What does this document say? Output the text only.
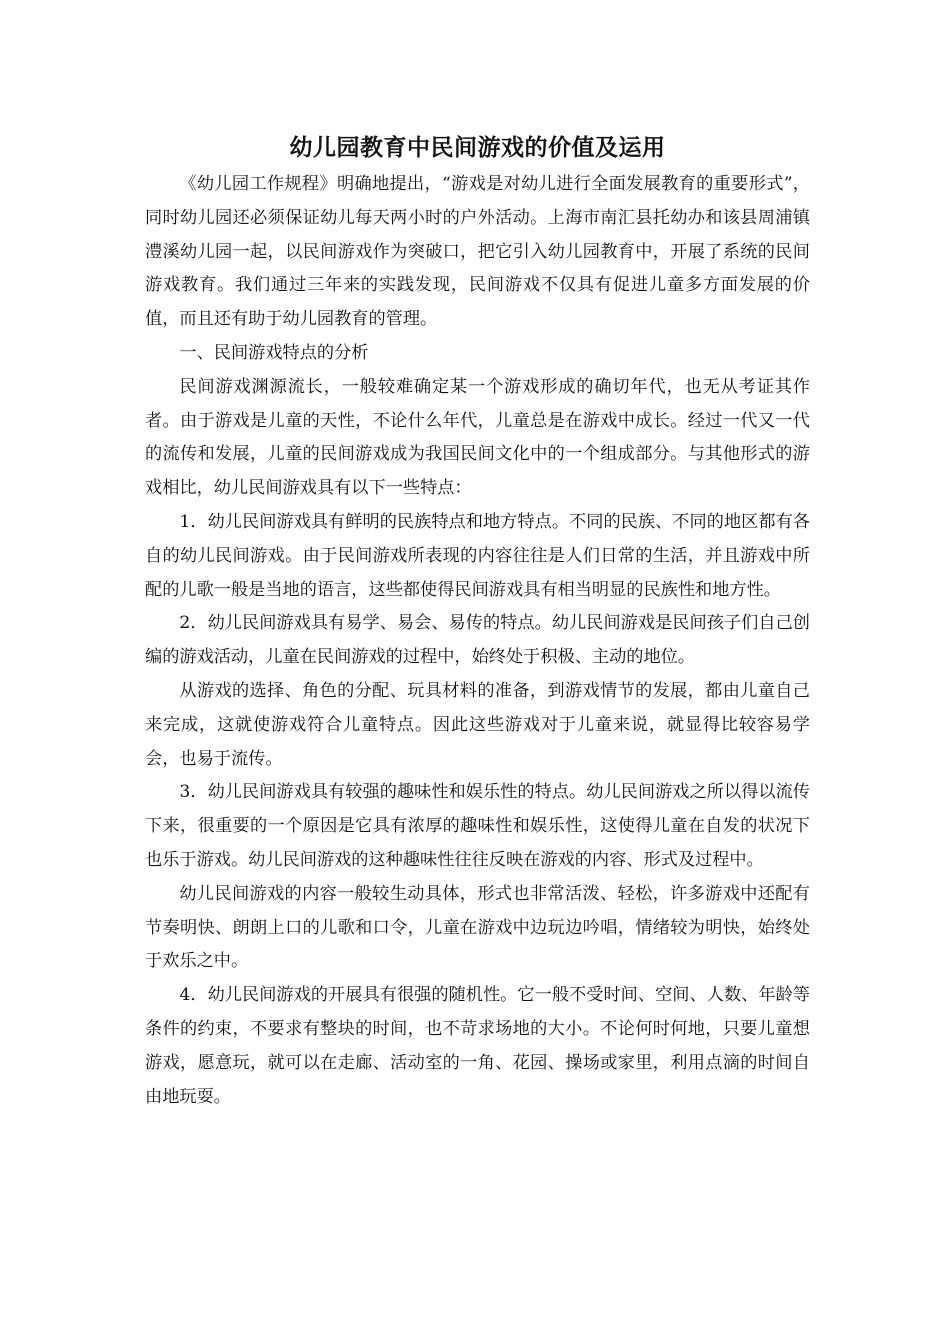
幼儿园教育中民间游戏的价值及运用

《幼儿园工作规程》明确地提出，“游戏是对幼儿进行全面发展教育的重要形式”，同时幼儿园还必须保证幼儿每天两小时的户外活动。上海市南汇县托幼办和该县周浦镇澧溪幼儿园一起，以民间游戏作为突破口，把它引入幼儿园教育中，开展了系统的民间游戏教育。我们通过三年来的实践发现，民间游戏不仅具有促进儿童多方面发展的价值，而且还有助于幼儿园教育的管理。

一、民间游戏特点的分析

民间游戏渊源流长，一般较难确定某一个游戏形成的确切年代，也无从考证其作者。由于游戏是儿童的天性，不论什么年代，儿童总是在游戏中成长。经过一代又一代的流传和发展，儿童的民间游戏成为我国民间文化中的一个组成部分。与其他形式的游戏相比，幼儿民间游戏具有以下一些特点：

1．幼儿民间游戏具有鲜明的民族特点和地方特点。不同的民族、不同的地区都有各自的幼儿民间游戏。由于民间游戏所表现的内容往往是人们日常的生活，并且游戏中所配的儿歌一般是当地的语言，这些都使得民间游戏具有相当明显的民族性和地方性。

2．幼儿民间游戏具有易学、易会、易传的特点。幼儿民间游戏是民间孩子们自己创编的游戏活动，儿童在民间游戏的过程中，始终处于积极、主动的地位。

从游戏的选择、角色的分配、玩具材料的准备，到游戏情节的发展，都由儿童自己来完成，这就使游戏符合儿童特点。因此这些游戏对于儿童来说，就显得比较容易学会，也易于流传。

3．幼儿民间游戏具有较强的趣味性和娱乐性的特点。幼儿民间游戏之所以得以流传下来，很重要的一个原因是它具有浓厚的趣味性和娱乐性，这使得儿童在自发的状况下也乐于游戏。幼儿民间游戏的这种趣味性往往反映在游戏的内容、形式及过程中。

幼儿民间游戏的内容一般较生动具体，形式也非常活泼、轻松，许多游戏中还配有节奏明快、朗朗上口的儿歌和口令，儿童在游戏中边玩边吟唱，情绪较为明快，始终处于欢乐之中。

4．幼儿民间游戏的开展具有很强的随机性。它一般不受时间、空间、人数、年龄等条件的约束，不要求有整块的时间，也不苛求场地的大小。不论何时何地，只要儿童想游戏，愿意玩，就可以在走廊、活动室的一角、花园、操场或家里，利用点滴的时间自由地玩耍。
